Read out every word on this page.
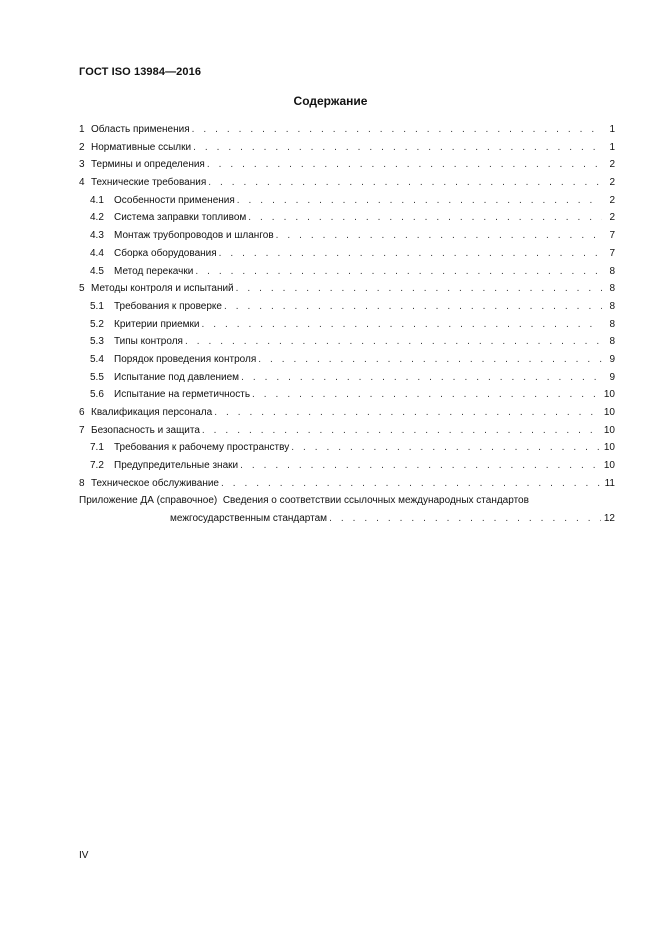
ГОСТ ISO 13984—2016
Содержание
1 Область применения . . .	1
2 Нормативные ссылки . . .	1
3 Термины и определения . . .	2
4 Технические требования . . .	2
4.1 Особенности применения . . .	2
4.2 Система заправки топливом . . .	2
4.3 Монтаж трубопроводов и шлангов . . .	7
4.4 Сборка оборудования . . .	7
4.5 Метод перекачки . . .	8
5 Методы контроля и испытаний . . .	8
5.1 Требования к проверке . . .	8
5.2 Критерии приемки . . .	8
5.3 Типы контроля . . .	8
5.4 Порядок проведения контроля . . .	9
5.5 Испытание под давлением . . .	9
5.6 Испытание на герметичность . . .	10
6 Квалификация персонала . . .	10
7 Безопасность и защита . . .	10
7.1 Требования к рабочему пространству . . .	10
7.2 Предупредительные знаки . . .	10
8 Техническое обслуживание . . .	11
Приложение ДА (справочное) Сведения о соответствии ссылочных международных стандартов
межгосударственным стандартам . . .	12
IV
